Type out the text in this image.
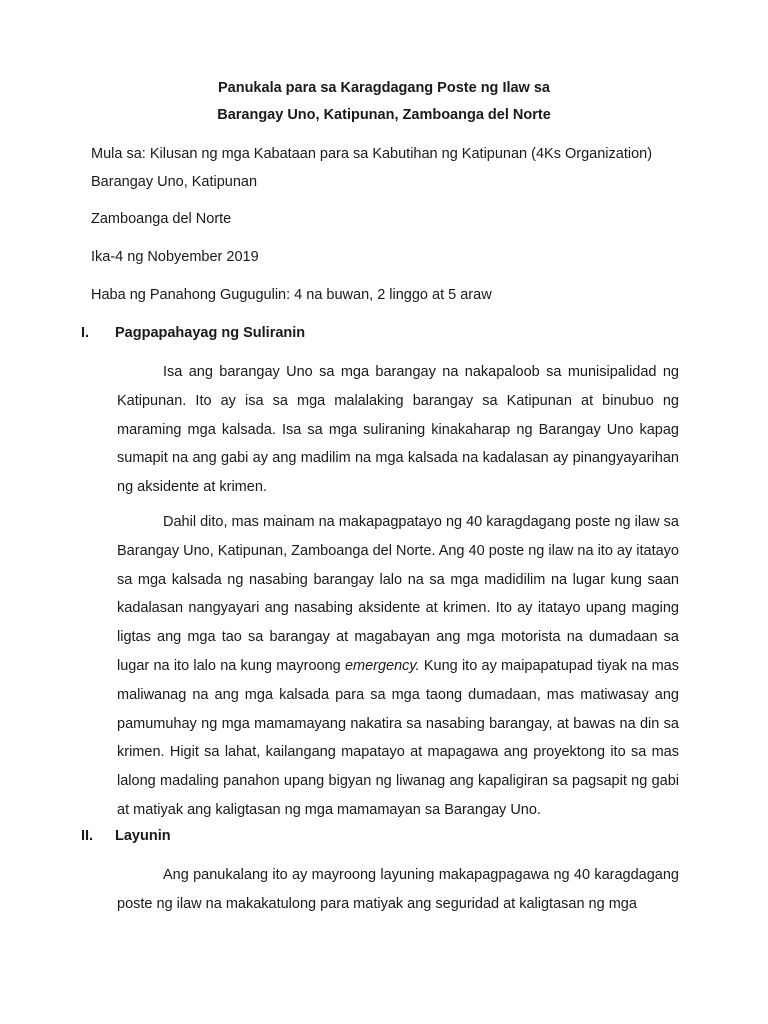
Panukala para sa Karagdagang Poste ng Ilaw sa
Barangay Uno, Katipunan, Zamboanga del Norte
Mula sa: Kilusan ng mga Kabataan para sa Kabutihan ng Katipunan (4Ks Organization)
Barangay Uno, Katipunan
Zamboanga del Norte
Ika-4 ng Nobyember 2019
Haba ng Panahong Gugugulin: 4 na buwan, 2 linggo at 5 araw
I. Pagpapahayag ng Suliranin

Isa ang barangay Uno sa mga barangay na nakapaloob sa munisipalidad ng Katipunan. Ito ay isa sa mga malalaking barangay sa Katipunan at binubuo ng maraming mga kalsada. Isa sa mga suliraning kinakaharap ng Barangay Uno kapag sumapit na ang gabi ay ang madilim na mga kalsada na kadalasan ay pinangyayarihan ng aksidente at krimen.

Dahil dito, mas mainam na makapagpatayo ng 40 karagdagang poste ng ilaw sa Barangay Uno, Katipunan, Zamboanga del Norte. Ang 40 poste ng ilaw na ito ay itatayo sa mga kalsada ng nasabing barangay lalo na sa mga madidilim na lugar kung saan kadalasan nangyayari ang nasabing aksidente at krimen. Ito ay itatayo upang maging ligtas ang mga tao sa barangay at magabayan ang mga motorista na dumadaan sa lugar na ito lalo na kung mayroong emergency. Kung ito ay maipapatupad tiyak na mas maliwanag na ang mga kalsada para sa mga taong dumadaan, mas matiwasay ang pamumuhay ng mga mamamayang nakatira sa nasabing barangay, at bawas na din sa krimen. Higit sa lahat, kailangang mapatayo at mapagawa ang proyektong ito sa mas lalong madaling panahon upang bigyan ng liwanag ang kapaligiran sa pagsapit ng gabi at matiyak ang kaligtasan ng mga mamamayan sa Barangay Uno.

II. Layunin

Ang panukalang ito ay mayroong layuning makapagpagawa ng 40 karagdagang poste ng ilaw na makakatulong para matiyak ang seguridad at kaligtasan ng mga
